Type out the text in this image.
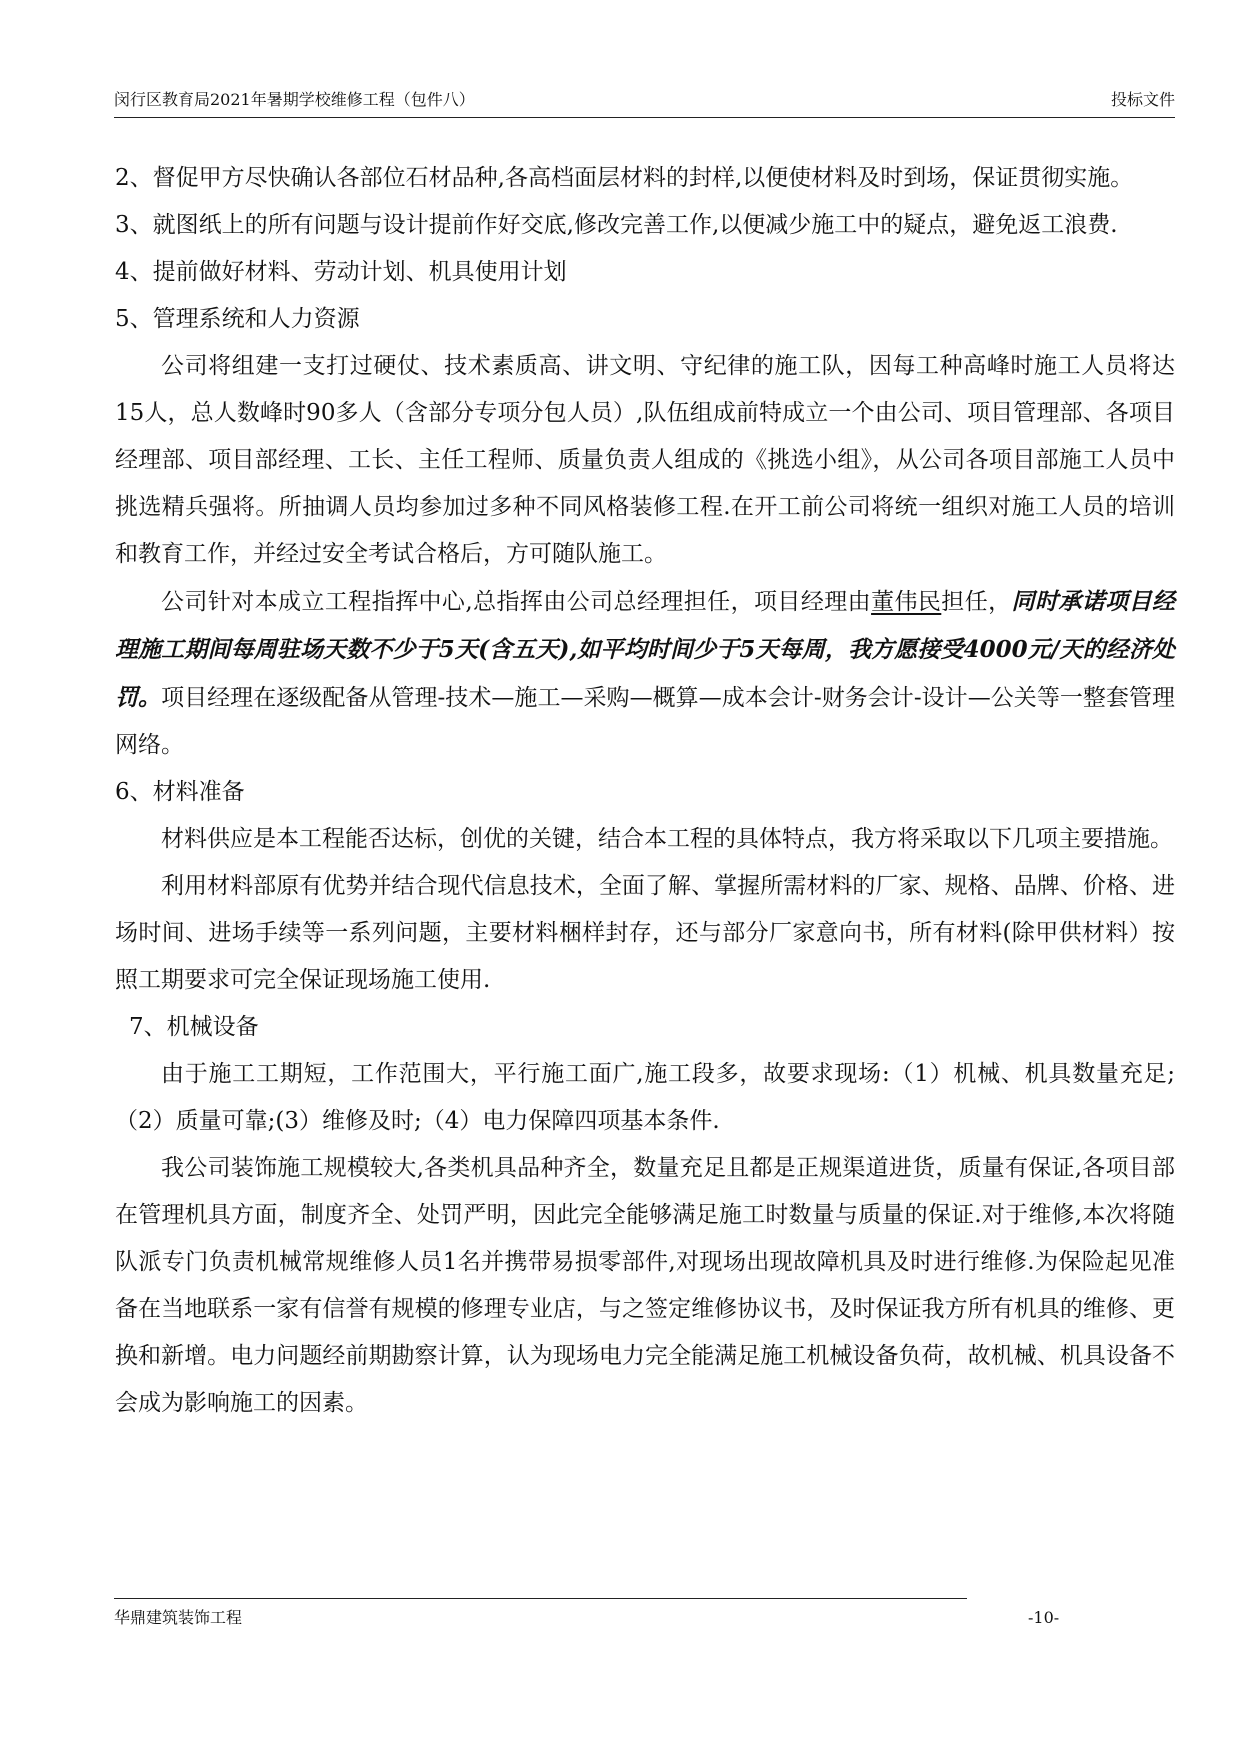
闵行区教育局2021年暑期学校维修工程（包件八）	投标文件

2、督促甲方尽快确认各部位石材品种,各高档面层材料的封样,以便使材料及时到场，保证贯彻实施。

3、就图纸上的所有问题与设计提前作好交底,修改完善工作,以便减少施工中的疑点，避免返工浪费.

4、提前做好材料、劳动计划、机具使用计划

5、管理系统和人力资源

公司将组建一支打过硬仗、技术素质高、讲文明、守纪律的施工队，因每工种高峰时施工人员将达15人，总人数峰时90多人（含部分专项分包人员）,队伍组成前特成立一个由公司、项目管理部、各项目经理部、项目部经理、工长、主任工程师、质量负责人组成的《挑选小组》，从公司各项目部施工人员中挑选精兵强将。所抽调人员均参加过多种不同风格装修工程.在开工前公司将统一组织对施工人员的培训和教育工作，并经过安全考试合格后，方可随队施工。

公司针对本成立工程指挥中心,总指挥由公司总经理担任，项目经理由董伟民担任，同时承诺项目经理施工期间每周驻场天数不少于5天(含五天),如平均时间少于5天每周，我方愿接受4000元/天的经济处罚。项目经理在逐级配备从管理-技术—施工—采购—概算—成本会计-财务会计-设计—公关等一整套管理网络。

6、材料准备

材料供应是本工程能否达标，创优的关键，结合本工程的具体特点，我方将采取以下几项主要措施。

利用材料部原有优势并结合现代信息技术，全面了解、掌握所需材料的厂家、规格、品牌、价格、进场时间、进场手续等一系列问题，主要材料梱样封存，还与部分厂家意向书，所有材料(除甲供材料）按照工期要求可完全保证现场施工使用.

7、机械设备

由于施工工期短，工作范围大，平行施工面广,施工段多，故要求现场:（1）机械、机具数量充足;（2）质量可靠;(3）维修及时;（4）电力保障四项基本条件.

我公司装饰施工规模较大,各类机具品种齐全，数量充足且都是正规渠道进货，质量有保证,各项目部在管理机具方面，制度齐全、处罚严明，因此完全能够满足施工时数量与质量的保证.对于维修,本次将随队派专门负责机械常规维修人员1名并携带易损零部件,对现场出现故障机具及时进行维修.为保险起见准备在当地联系一家有信誉有规模的修理专业店，与之签定维修协议书，及时保证我方所有机具的维修、更换和新增。电力问题经前期勘察计算，认为现场电力完全能满足施工机械设备负荷，故机械、机具设备不会成为影响施工的因素。

华鼎建筑装饰工程	-10-
